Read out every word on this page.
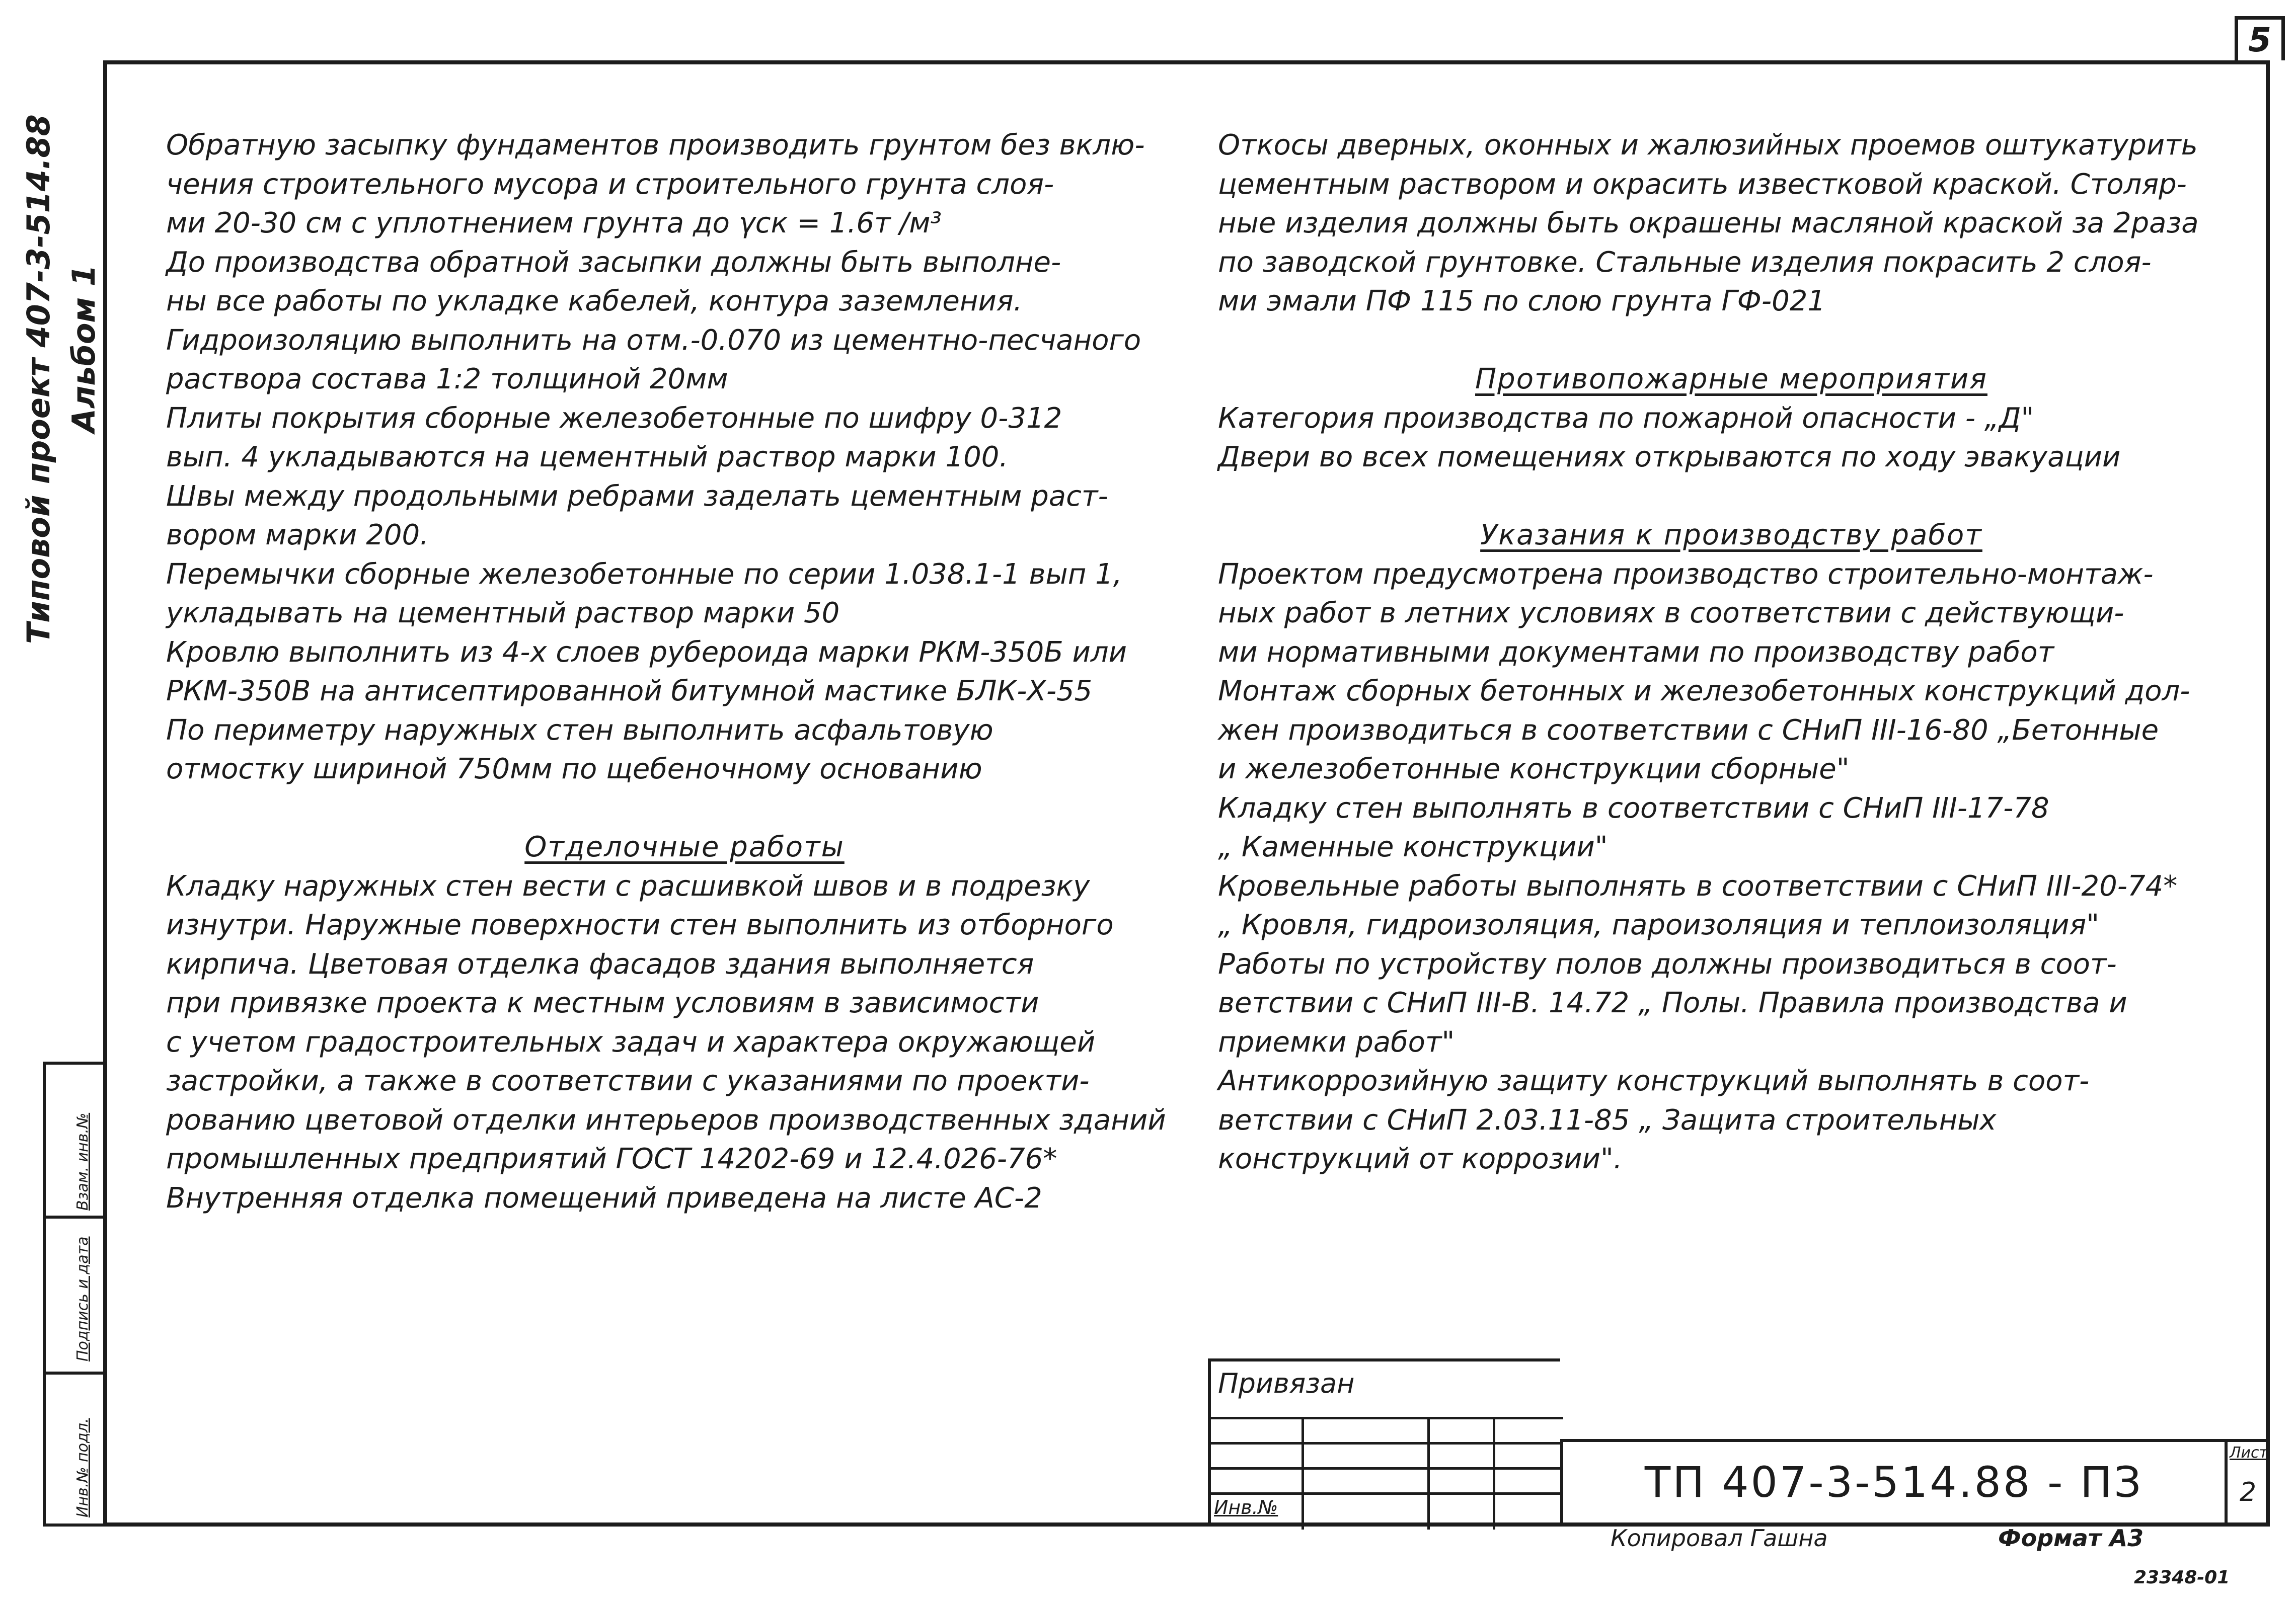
5
Типовой проект 407-3-514.88 Альбом 1
Инв.№ подл.
Подпись и дата
Взам. инв.№
Обратную засыпку фундаментов производить грунтом без вклю-
чения строительного мусора и строительного грунта слоя-
ми 20-30 см с уплотнением грунта до γск = 1.6т /м³
До производства обратной засыпки должны быть выполне-
ны все работы по укладке кабелей, контура заземления.
Гидроизоляцию выполнить на отм.-0.070 из цементно-песчаного
раствора состава 1:2 толщиной 20мм
Плиты покрытия сборные железобетонные по шифру 0-312
вып. 4 укладываются на цементный раствор марки 100.
Швы между продольными ребрами заделать цементным раст-
вором марки 200.
Перемычки сборные железобетонные по серии 1.038.1-1 вып 1,
укладывать на цементный раствор марки 50
Кровлю выполнить из 4-х слоев рубероида марки РКМ-350Б или
РКМ-350В на антисептированной битумной мастике БЛК-Х-55
По периметру наружных стен выполнить асфальтовую
отмостку шириной 750мм по щебеночному основанию
Отделочные работы
Кладку наружных стен вести с расшивкой швов и в подрезку
изнутри. Наружные поверхности стен выполнить из отборного
кирпича. Цветовая отделка фасадов здания выполняется
при привязке проекта к местным условиям в зависимости
с учетом градостроительных задач и характера окружающей
застройки, а также в соответствии с указаниями по проекти-
рованию цветовой отделки интерьеров производственных зданий
промышленных предприятий ГОСТ 14202-69 и 12.4.026-76*
Внутренняя отделка помещений приведена на листе АС-2
Откосы дверных, оконных и жалюзийных проемов оштукатурить
цементным раствором и окрасить известковой краской. Столяр-
ные изделия должны быть окрашены масляной краской за 2раза
по заводской грунтовке. Стальные изделия покрасить 2 слоя-
ми эмали ПФ 115 по слою грунта ГФ-021
Противопожарные мероприятия
Категория производства по пожарной опасности - „Д"
Двери во всех помещениях открываются по ходу эвакуации
Указания к производству работ
Проектом предусмотрена производство строительно-монтаж-
ных работ в летних условиях в соответствии с действующи-
ми нормативными документами по производству работ
Монтаж сборных бетонных и железобетонных конструкций дол-
жен производиться в соответствии с СНиП III-16-80 „Бетонные
и железобетонные конструкции сборные"
Кладку стен выполнять в соответствии с СНиП III-17-78
„ Каменные конструкции"
Кровельные работы выполнять в соответствии с СНиП III-20-74*
„ Кровля, гидроизоляция, пароизоляция и теплоизоляция"
Работы по устройству полов должны производиться в соот-
ветствии с СНиП III-В. 14.72 „ Полы. Правила производства и
приемки работ"
Антикоррозийную защиту конструкций выполнять в соот-
ветствии с СНиП 2.03.11-85 „ Защита строительных
конструкций от коррозии".
Привязан
Инв.№
ТП 407-3-514.88 - ПЗ
Лист
2
Копировал Гашна	Формат А3
23348-01
